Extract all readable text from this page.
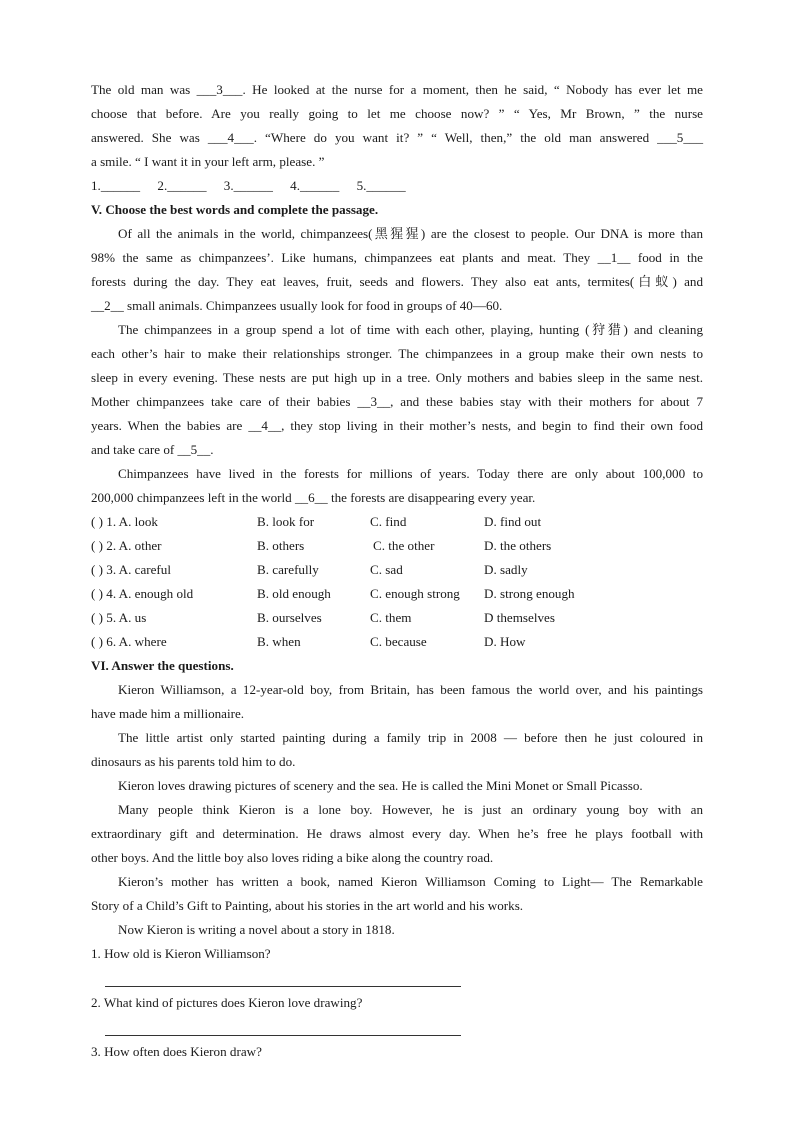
The old man was ___3___. He looked at the nurse for a moment, then he said, “ Nobody has ever let me
choose that before. Are you really going to let me choose now? ” “ Yes, Mr Brown, ” the nurse
answered. She was ___4___. “Where do you want it? ” “ Well, then,” the old man answered ___5___
a smile. “ I want it in your left arm, please. ”
1.______ 2.______ 3.______ 4.______ 5.______
V. Choose the best words and complete the passage.
Of all the animals in the world, chimpanzees(黑猩猩) are the closest to people. Our DNA is more than
98% the same as chimpanzees’. Like humans, chimpanzees eat plants and meat. They __1__ food in the
forests during the day. They eat leaves, fruit, seeds and flowers. They also eat ants, termites(白蚁) and
__2__ small animals. Chimpanzees usually look for food in groups of 40—60.
The chimpanzees in a group spend a lot of time with each other, playing, hunting (狩猎) and cleaning
each other’s hair to make their relationships stronger. The chimpanzees in a group make their own nests to
sleep in every evening. These nests are put high up in a tree. Only mothers and babies sleep in the same nest.
Mother chimpanzees take care of their babies __3__, and these babies stay with their mothers for about 7
years. When the babies are __4__, they stop living in their mother’s nests, and begin to find their own food
and take care of __5__.
Chimpanzees have lived in the forests for millions of years. Today there are only about 100,000 to
200,000 chimpanzees left in the world __6__ the forests are disappearing every year.
( ) 1. A. look	B. look for	C. find	D. find out
( ) 2. A. other	B. others	C. the other	D. the others
( ) 3. A. careful	B. carefully	C. sad	D. sadly
( ) 4. A. enough old	B. old enough	C. enough strong	D. strong enough
( ) 5. A. us	B. ourselves	C. them	D themselves
( ) 6. A. where	B. when	C. because	D. How
VI. Answer the questions.
Kieron Williamson, a 12-year-old boy, from Britain, has been famous the world over, and his paintings
have made him a millionaire.
The little artist only started painting during a family trip in 2008 — before then he just coloured in
dinosaurs as his parents told him to do.
Kieron loves drawing pictures of scenery and the sea. He is called the Mini Monet or Small Picasso.
Many people think Kieron is a lone boy. However, he is just an ordinary young boy with an
extraordinary gift and determination. He draws almost every day. When he’s free he plays football with
other boys. And the little boy also loves riding a bike along the country road.
Kieron’s mother has written a book, named Kieron Williamson Coming to Light— The Remarkable
Story of a Child’s Gift to Painting, about his stories in the art world and his works.
Now Kieron is writing a novel about a story in 1818.
1. How old is Kieron Williamson?
2. What kind of pictures does Kieron love drawing?
3. How often does Kieron draw?
